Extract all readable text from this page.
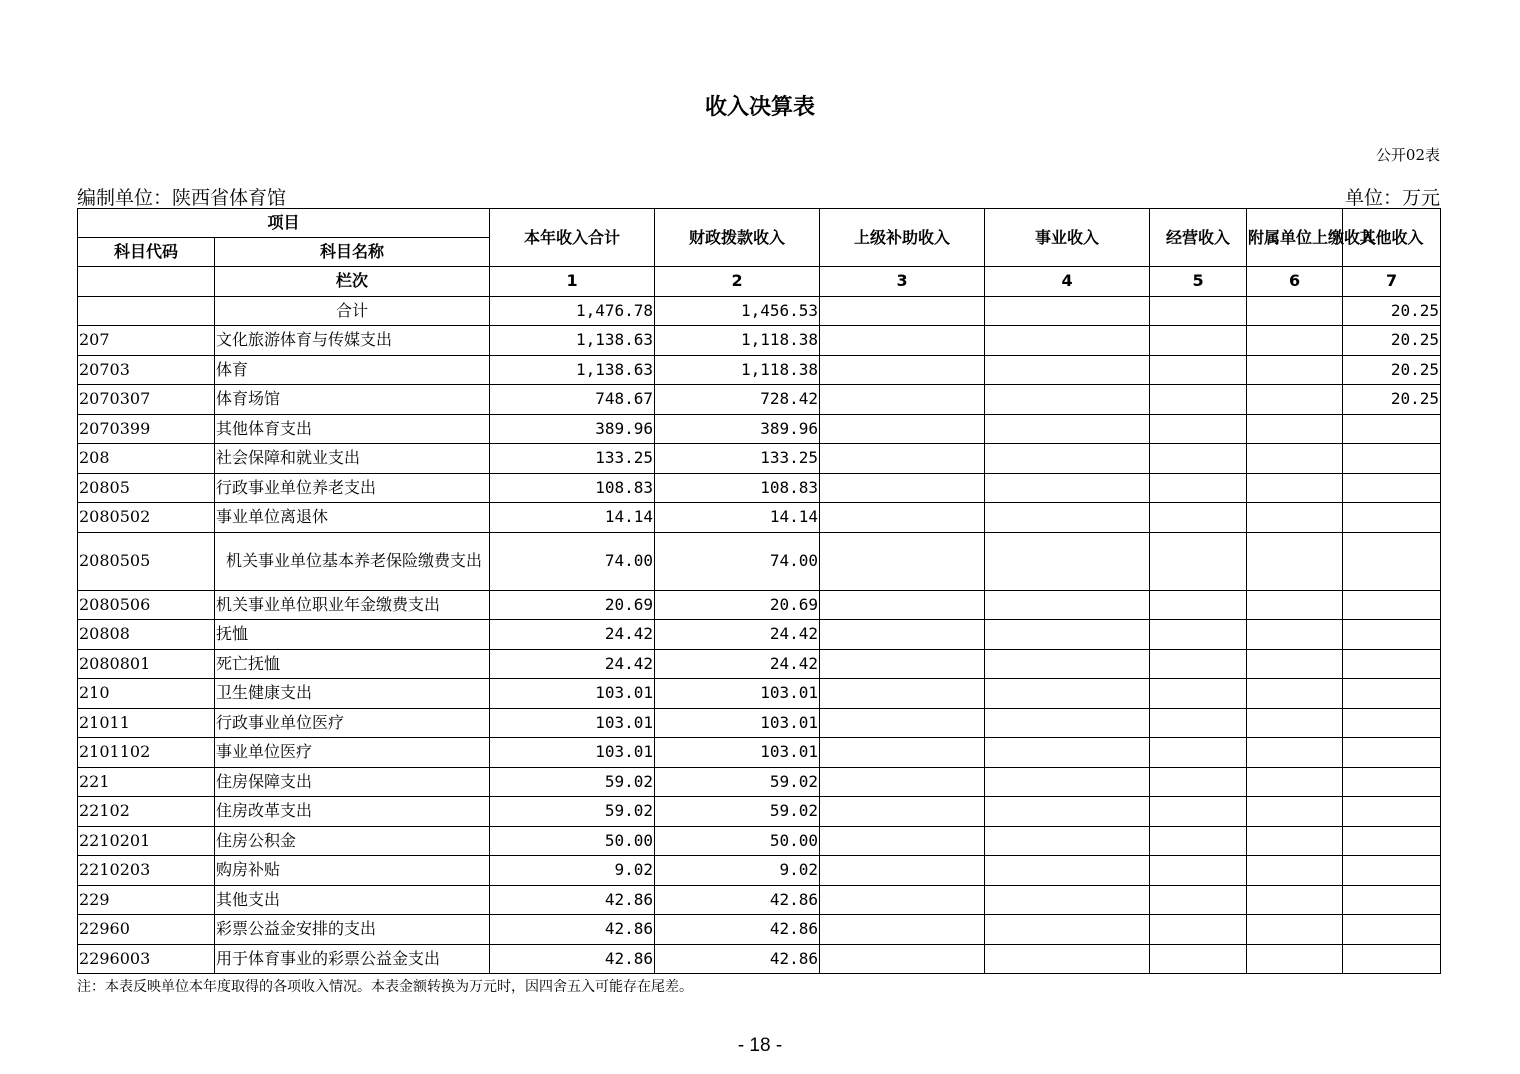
收入决算表
公开02表
编制单位：陕西省体育馆	单位：万元
项目		本年收入合计	财政拨款收入	上级补助收入	事业收入	经营收入	附属单位上缴收入	其他收入
科目代码	科目名称							
	栏次	1	2	3	4	5	6	7
	合计	1,476.78	1,456.53					20.25
207	文化旅游体育与传媒支出	1,138.63	1,118.38					20.25
20703	体育	1,138.63	1,118.38					20.25
2070307	体育场馆	748.67	728.42					20.25
2070399	其他体育支出	389.96	389.96					
208	社会保障和就业支出	133.25	133.25					
20805	行政事业单位养老支出	108.83	108.83					
2080502	事业单位离退休	14.14	14.14					
2080505	机关事业单位基本养老保险缴费支出	74.00	74.00					
2080506	机关事业单位职业年金缴费支出	20.69	20.69					
20808	抚恤	24.42	24.42					
2080801	死亡抚恤	24.42	24.42					
210	卫生健康支出	103.01	103.01					
21011	行政事业单位医疗	103.01	103.01					
2101102	事业单位医疗	103.01	103.01					
221	住房保障支出	59.02	59.02					
22102	住房改革支出	59.02	59.02					
2210201	住房公积金	50.00	50.00					
2210203	购房补贴	9.02	9.02					
229	其他支出	42.86	42.86					
22960	彩票公益金安排的支出	42.86	42.86					
2296003	用于体育事业的彩票公益金支出	42.86	42.86					
注：本表反映单位本年度取得的各项收入情况。本表金额转换为万元时，因四舍五入可能存在尾差。
- 18 -
